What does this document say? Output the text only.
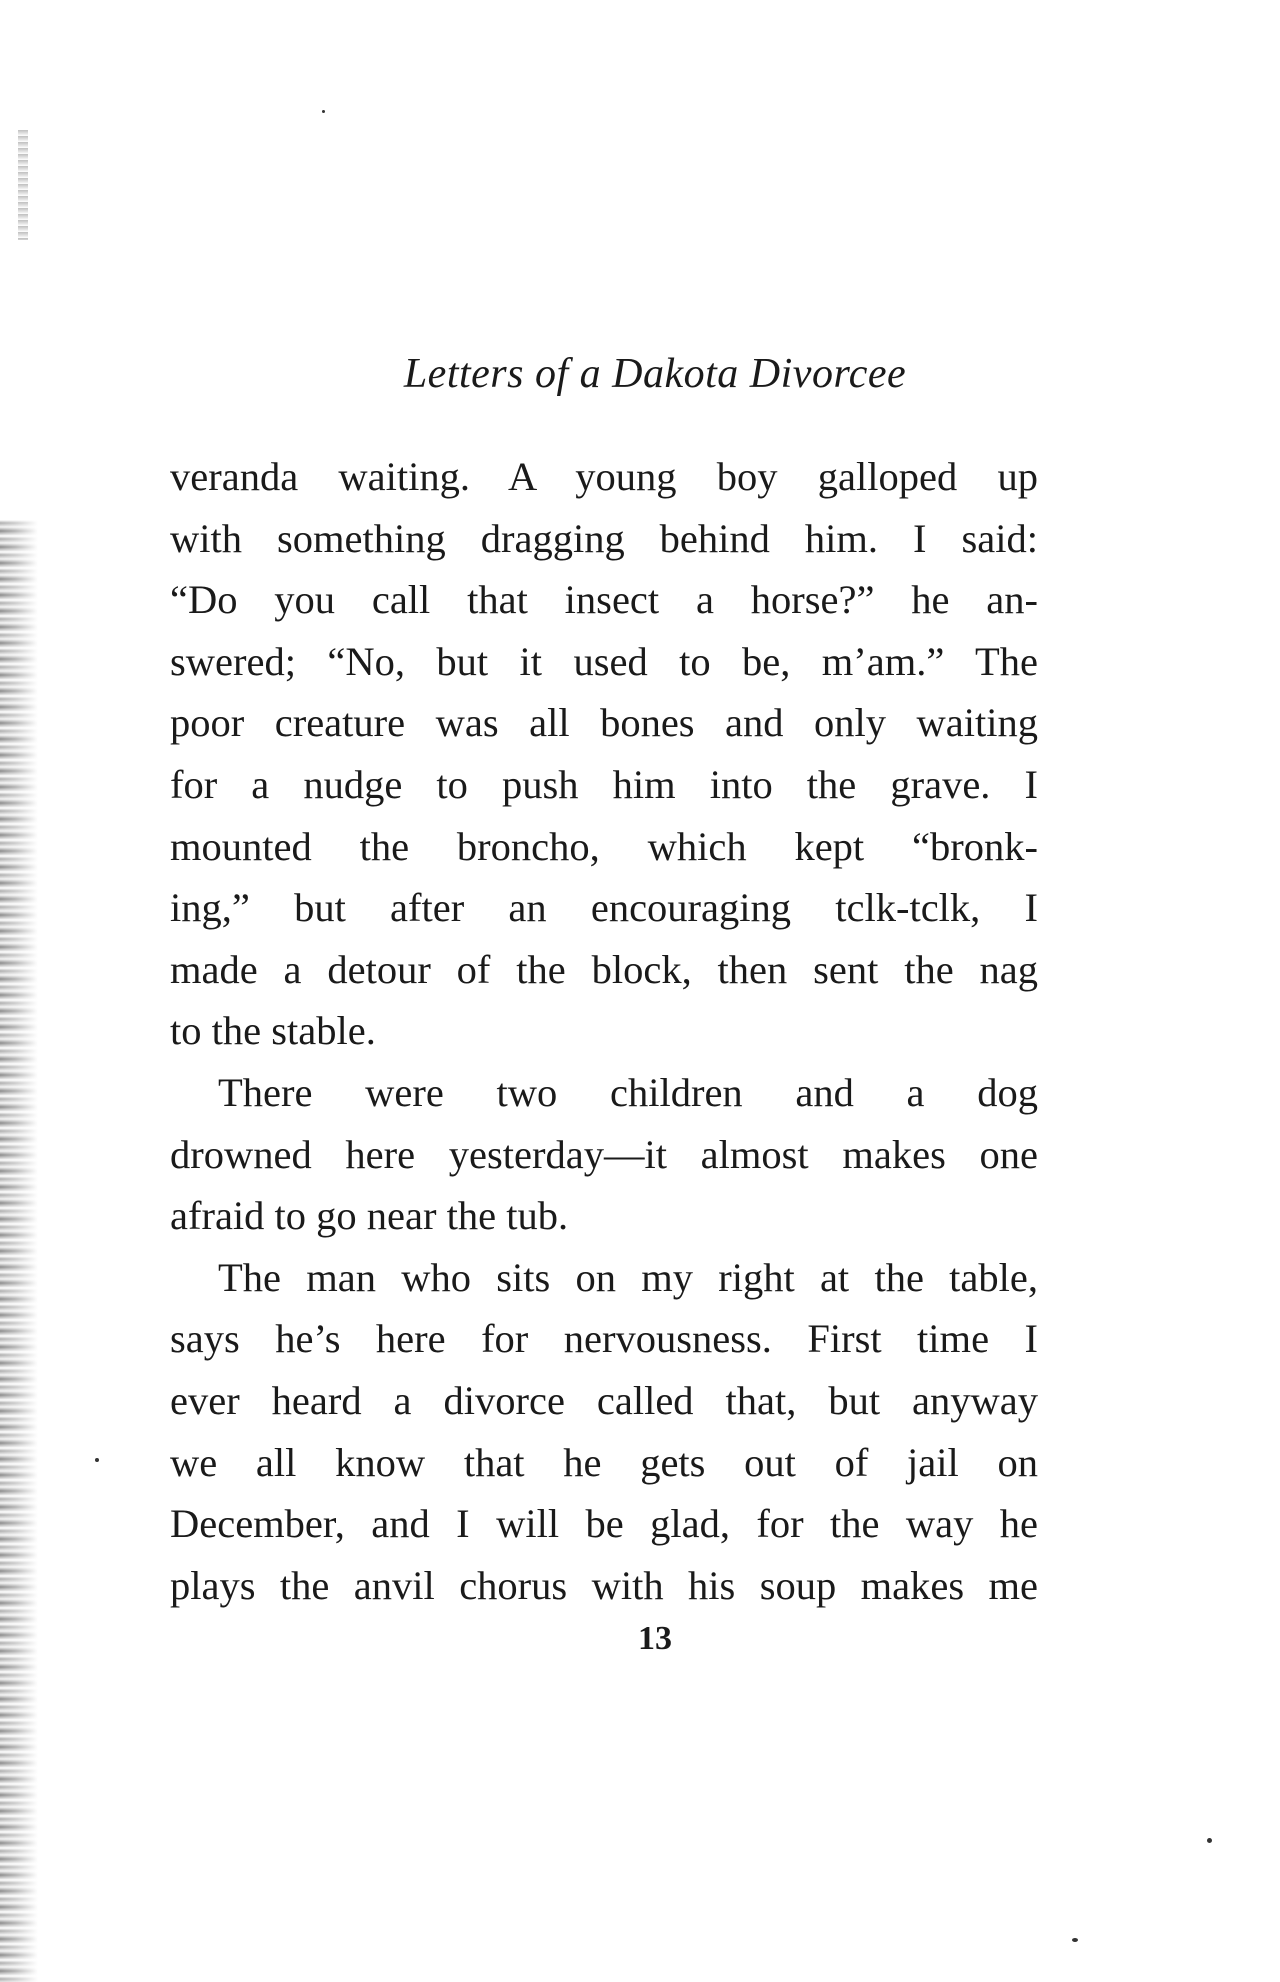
Letters of a Dakota Divorcee
veranda waiting. A young boy galloped up
with something dragging behind him. I said:
“Do you call that insect a horse?” he an-
swered; “No, but it used to be, m’am.” The
poor creature was all bones and only waiting
for a nudge to push him into the grave. I
mounted the broncho, which kept “bronk-
ing,” but after an encouraging tclk-tclk, I
made a detour of the block, then sent the nag
to the stable.
There were two children and a dog
drowned here yesterday—it almost makes one
afraid to go near the tub.
The man who sits on my right at the table,
says he’s here for nervousness. First time I
ever heard a divorce called that, but anyway
we all know that he gets out of jail on
December, and I will be glad, for the way he
plays the anvil chorus with his soup makes me
13
